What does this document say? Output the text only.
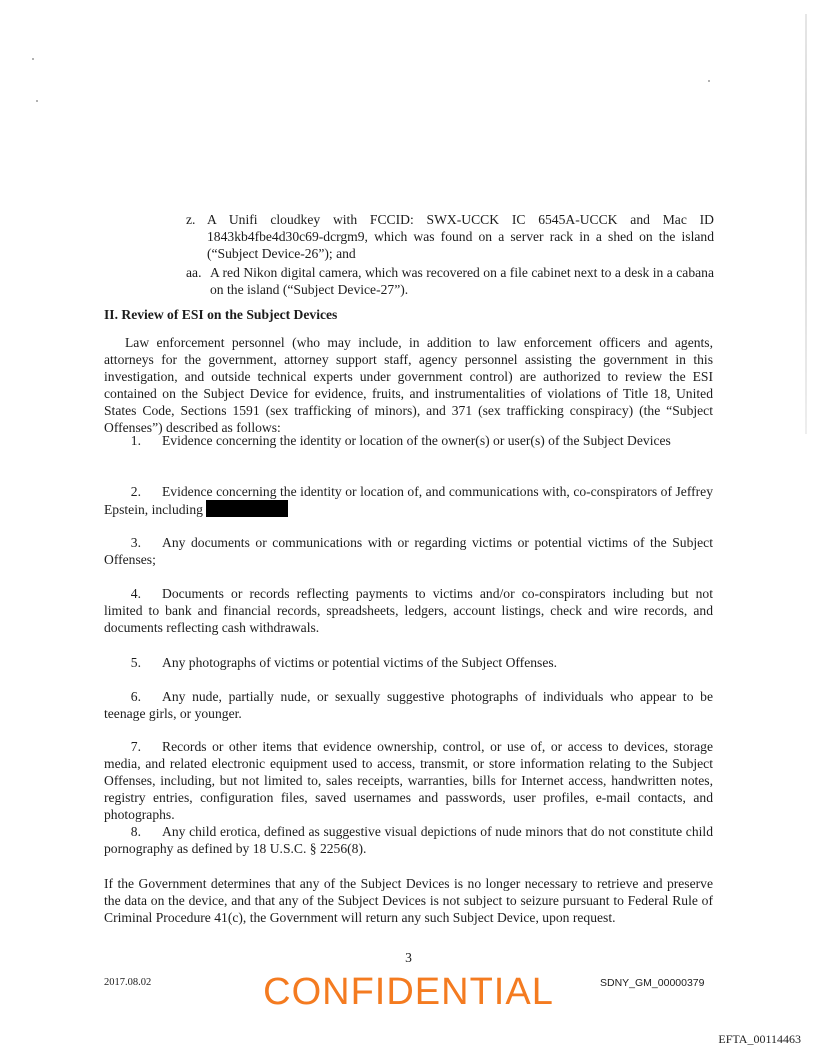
z. A Unifi cloudkey with FCCID: SWX-UCCK IC 6545A-UCCK and Mac ID 1843kb4fbe4d30c69-dcrgm9, which was found on a server rack in a shed on the island (“Subject Device-26”); and

aa. A red Nikon digital camera, which was recovered on a file cabinet next to a desk in a cabana on the island (“Subject Device-27”).

II. Review of ESI on the Subject Devices

Law enforcement personnel (who may include, in addition to law enforcement officers and agents, attorneys for the government, attorney support staff, agency personnel assisting the government in this investigation, and outside technical experts under government control) are authorized to review the ESI contained on the Subject Device for evidence, fruits, and instrumentalities of violations of Title 18, United States Code, Sections 1591 (sex trafficking of minors), and 371 (sex trafficking conspiracy) (the “Subject Offenses”) described as follows:

1. Evidence concerning the identity or location of the owner(s) or user(s) of the Subject Devices

2. Evidence concerning the identity or location of, and communications with, co-conspirators of Jeffrey Epstein, including

3. Any documents or communications with or regarding victims or potential victims of the Subject Offenses;

4. Documents or records reflecting payments to victims and/or co-conspirators including but not limited to bank and financial records, spreadsheets, ledgers, account listings, check and wire records, and documents reflecting cash withdrawals.

5. Any photographs of victims or potential victims of the Subject Offenses.

6. Any nude, partially nude, or sexually suggestive photographs of individuals who appear to be teenage girls, or younger.

7. Records or other items that evidence ownership, control, or use of, or access to devices, storage media, and related electronic equipment used to access, transmit, or store information relating to the Subject Offenses, including, but not limited to, sales receipts, warranties, bills for Internet access, handwritten notes, registry entries, configuration files, saved usernames and passwords, user profiles, e-mail contacts, and photographs.

8. Any child erotica, defined as suggestive visual depictions of nude minors that do not constitute child pornography as defined by 18 U.S.C. § 2256(8).

If the Government determines that any of the Subject Devices is no longer necessary to retrieve and preserve the data on the device, and that any of the Subject Devices is not subject to seizure pursuant to Federal Rule of Criminal Procedure 41(c), the Government will return any such Subject Device, upon request.

3
2017.08.02	SDNY_GM_00000379
CONFIDENTIAL
EFTA_00114463
